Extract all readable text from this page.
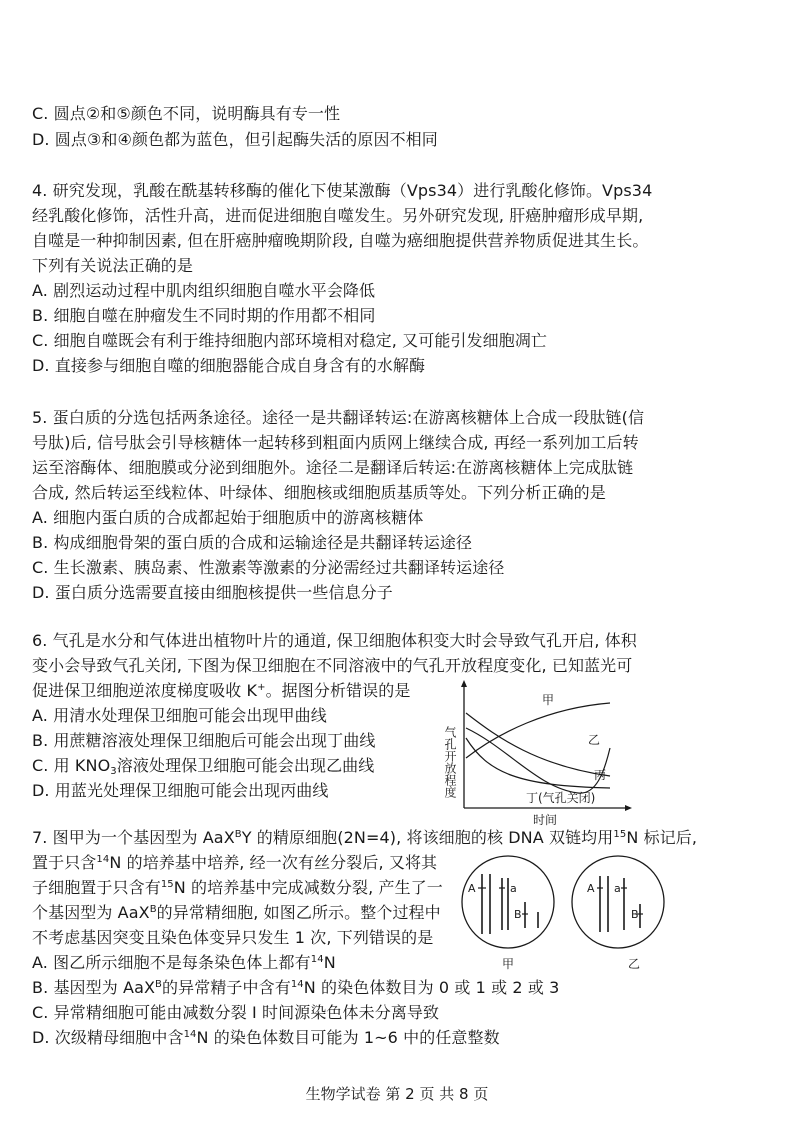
C. 圆点②和⑤颜色不同，说明酶具有专一性
D. 圆点③和④颜色都为蓝色，但引起酶失活的原因不相同
4. 研究发现，乳酸在酰基转移酶的催化下使某激酶（Vps34）进行乳酸化修饰。Vps34
经乳酸化修饰，活性升高，进而促进细胞自噬发生。另外研究发现, 肝癌肿瘤形成早期,
自噬是一种抑制因素, 但在肝癌肿瘤晚期阶段, 自噬为癌细胞提供营养物质促进其生长。
下列有关说法正确的是
A. 剧烈运动过程中肌肉组织细胞自噬水平会降低
B. 细胞自噬在肿瘤发生不同时期的作用都不相同
C. 细胞自噬既会有利于维持细胞内部环境相对稳定, 又可能引发细胞凋亡
D. 直接参与细胞自噬的细胞器能合成自身含有的水解酶
5. 蛋白质的分选包括两条途径。途径一是共翻译转运:在游离核糖体上合成一段肽链(信
号肽)后, 信号肽会引导核糖体一起转移到粗面内质网上继续合成, 再经一系列加工后转
运至溶酶体、细胞膜或分泌到细胞外。途径二是翻译后转运:在游离核糖体上完成肽链
合成, 然后转运至线粒体、叶绿体、细胞核或细胞质基质等处。下列分析正确的是
A. 细胞内蛋白质的合成都起始于细胞质中的游离核糖体
B. 构成细胞骨架的蛋白质的合成和运输途径是共翻译转运途径
C. 生长激素、胰岛素、性激素等激素的分泌需经过共翻译转运途径
D. 蛋白质分选需要直接由细胞核提供一些信息分子
6. 气孔是水分和气体进出植物叶片的通道, 保卫细胞体积变大时会导致气孔开启, 体积
变小会导致气孔关闭, 下图为保卫细胞在不同溶液中的气孔开放程度变化, 已知蓝光可
促进保卫细胞逆浓度梯度吸收 K+。据图分析错误的是
A. 用清水处理保卫细胞可能会出现甲曲线
B. 用蔗糖溶液处理保卫细胞后可能会出现丁曲线
C. 用 $KNO_3$溶液处理保卫细胞可能会出现乙曲线
D. 用蓝光处理保卫细胞可能会出现丙曲线	气孔开放程度
时间
甲
乙
丙
丁(气孔关闭)
7. 图甲为一个基因型为 AaX$^B$Y 的精原细胞(2N=4), 将该细胞的核 DNA 双链均用$^{15}$N 标记后,
置于只含$^{14}$N 的培养基中培养, 经一次有丝分裂后, 又将其
子细胞置于只含有$^{15}$N 的培养基中完成减数分裂, 产生了一
个基因型为 AaX$^B$的异常精细胞, 如图乙所示。整个过程中
不考虑基因突变且染色体变异只发生 1 次, 下列错误的是
A. 图乙所示细胞不是每条染色体上都有$^{14}$N
B. 基因型为 AaX$^B$的异常精子中含有$^{14}$N 的染色体数目为 0 或 1 或 2 或 3
C. 异常精细胞可能由减数分裂 I 时间源染色体未分离导致
D. 次级精母细胞中含$^{14}$N 的染色体数目可能为 1~6 中的任意整数
A	a
B
甲
A a
B
乙
生物学试卷 第 2 页 共 8 页
